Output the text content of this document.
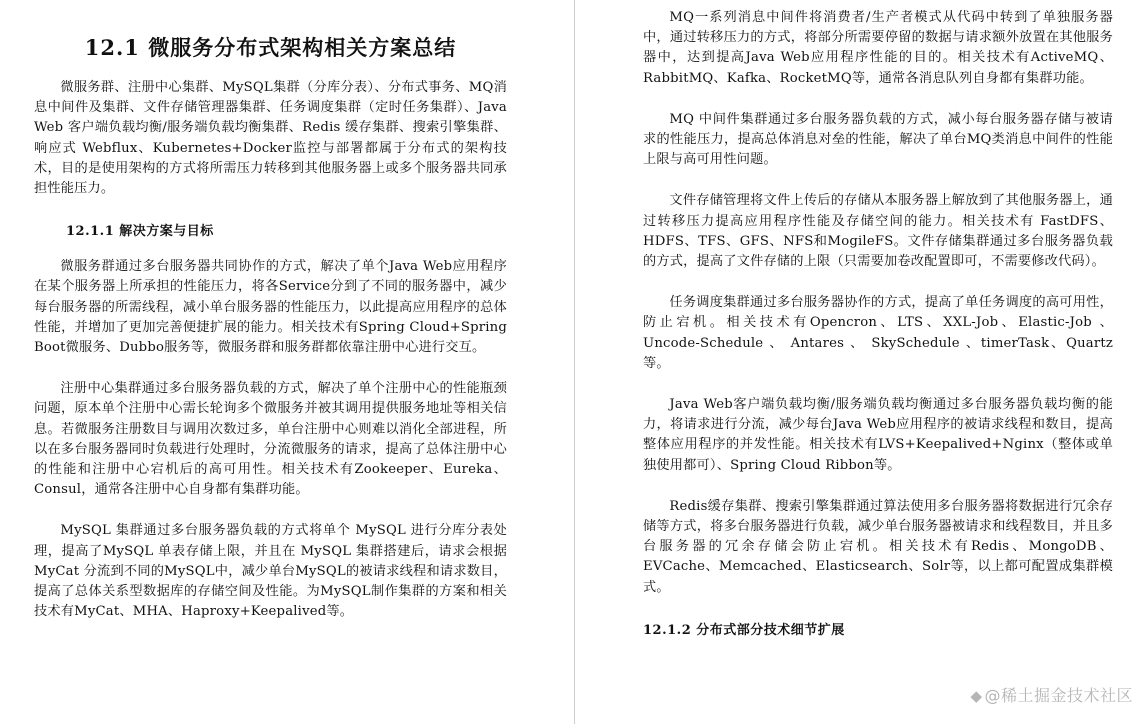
12.1 微服务分布式架构相关方案总结

微服务群、注册中心集群、MySQL集群（分库分表）、分布式事务、MQ消息中间件及集群、文件存储管理器集群、任务调度集群（定时任务集群）、Java Web 客户端负载均衡/服务端负载均衡集群、Redis 缓存集群、搜索引擎集群、响应式 Webflux、Kubernetes+Docker监控与部署都属于分布式的架构技术，目的是使用架构的方式将所需压力转移到其他服务器上或多个服务器共同承担性能压力。

12.1.1 解决方案与目标

微服务群通过多台服务器共同协作的方式，解决了单个Java Web应用程序在某个服务器上所承担的性能压力，将各Service分到了不同的服务器中，减少每台服务器的所需线程，减小单台服务器的性能压力，以此提高应用程序的总体性能，并增加了更加完善便捷扩展的能力。相关技术有Spring Cloud+Spring Boot微服务、Dubbo服务等，微服务群和服务群都依靠注册中心进行交互。

注册中心集群通过多台服务器负载的方式，解决了单个注册中心的性能瓶颈问题，原本单个注册中心需长轮询多个微服务并被其调用提供服务地址等相关信息。若微服务注册数目与调用次数过多，单台注册中心则难以消化全部进程，所以在多台服务器同时负载进行处理时，分流微服务的请求，提高了总体注册中心的性能和注册中心宕机后的高可用性。相关技术有Zookeeper、Eureka、Consul，通常各注册中心自身都有集群功能。

MySQL 集群通过多台服务器负载的方式将单个 MySQL 进行分库分表处理，提高了MySQL 单表存储上限，并且在 MySQL 集群搭建后，请求会根据 MyCat 分流到不同的MySQL中，减少单台MySQL的被请求线程和请求数目，提高了总体关系型数据库的存储空间及性能。为MySQL制作集群的方案和相关技术有MyCat、MHA、Haproxy+Keepalived等。

MQ一系列消息中间件将消费者/生产者模式从代码中转到了单独服务器中，通过转移压力的方式，将部分所需要停留的数据与请求额外放置在其他服务器中，达到提高Java Web应用程序性能的目的。相关技术有ActiveMQ、RabbitMQ、Kafka、RocketMQ等，通常各消息队列自身都有集群功能。

MQ 中间件集群通过多台服务器负载的方式，减小每台服务器存储与被请求的性能压力，提高总体消息对垒的性能，解决了单台MQ类消息中间件的性能上限与高可用性问题。

文件存储管理将文件上传后的存储从本服务器上解放到了其他服务器上，通过转移压力提高应用程序性能及存储空间的能力。相关技术有 FastDFS、HDFS、TFS、GFS、NFS和MogileFS。文件存储集群通过多台服务器负载的方式，提高了文件存储的上限（只需要加卷改配置即可，不需要修改代码）。

任务调度集群通过多台服务器协作的方式，提高了单任务调度的高可用性，防止宕机。相关技术有Opencron、LTS、XXL-Job、Elastic-Job 、 Uncode-Schedule 、 Antares 、 SkySchedule 、timerTask、Quartz等。

Java Web客户端负载均衡/服务端负载均衡通过多台服务器负载均衡的能力，将请求进行分流，减少每台Java Web应用程序的被请求线程和数目，提高整体应用程序的并发性能。相关技术有LVS+Keepalived+Nginx（整体或单独使用都可）、Spring Cloud Ribbon等。

Redis缓存集群、搜索引擎集群通过算法使用多台服务器将数据进行冗余存储等方式，将多台服务器进行负载，减少单台服务器被请求和线程数目，并且多台服务器的冗余存储会防止宕机。相关技术有Redis、MongoDB、EVCache、Memcached、Elasticsearch、Solr等，以上都可配置成集群模式。

12.1.2 分布式部分技术细节扩展
◆ @稀土掘金技术社区
